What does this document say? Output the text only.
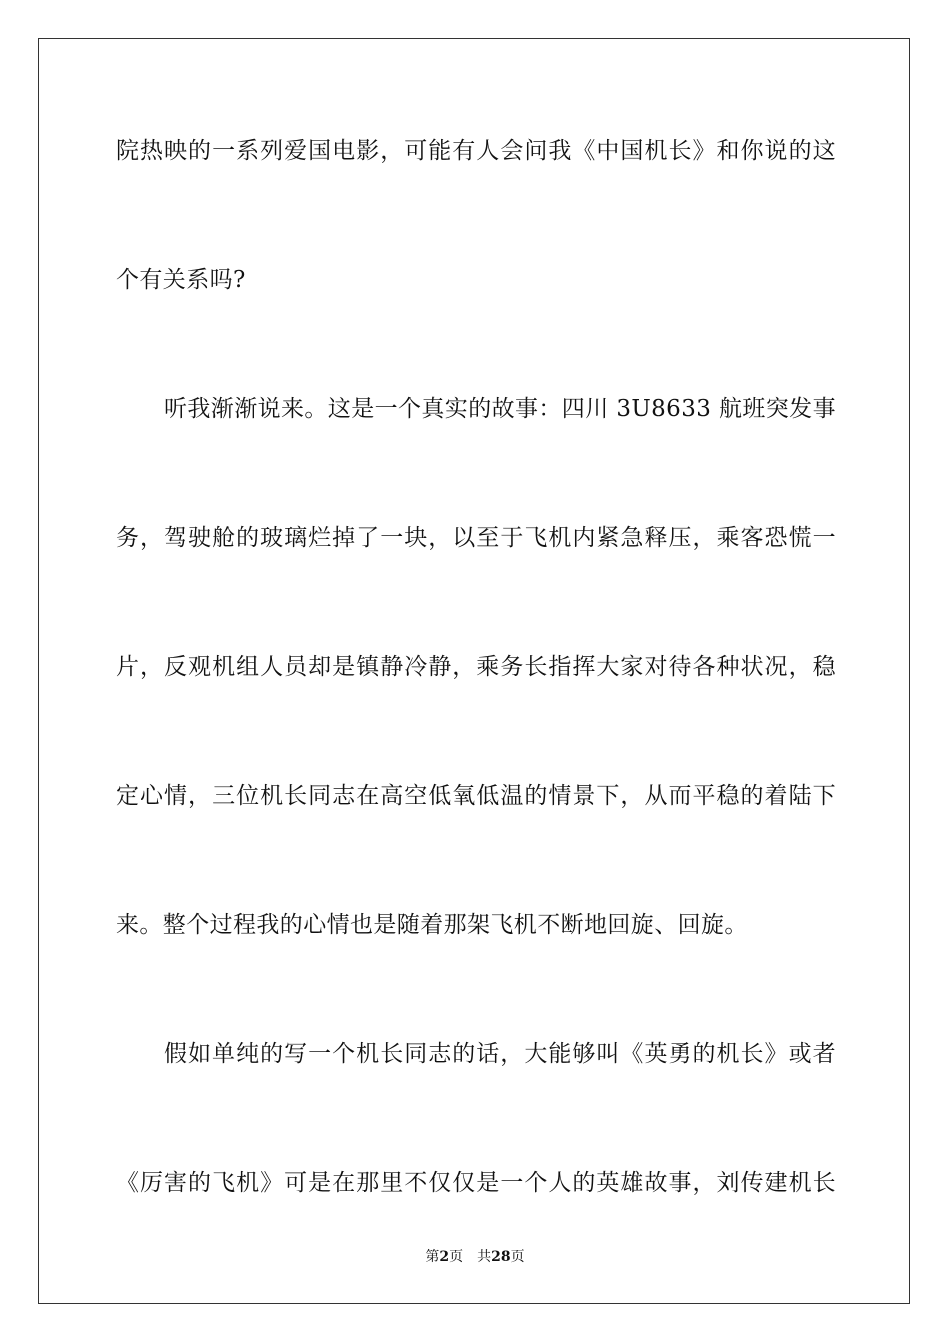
院热映的一系列爱国电影，可能有人会问我《中国机长》和你说的这
个有关系吗?
听我渐渐说来。这是一个真实的故事：四川 3U8633 航班突发事
务，驾驶舱的玻璃烂掉了一块，以至于飞机内紧急释压，乘客恐慌一
片，反观机组人员却是镇静冷静，乘务长指挥大家对待各种状况，稳
定心情，三位机长同志在高空低氧低温的情景下，从而平稳的着陆下
来。整个过程我的心情也是随着那架飞机不断地回旋、回旋。
假如单纯的写一个机长同志的话，大能够叫《英勇的机长》或者
《厉害的飞机》可是在那里不仅仅是一个人的英雄故事，刘传建机长
第2页 共28页
